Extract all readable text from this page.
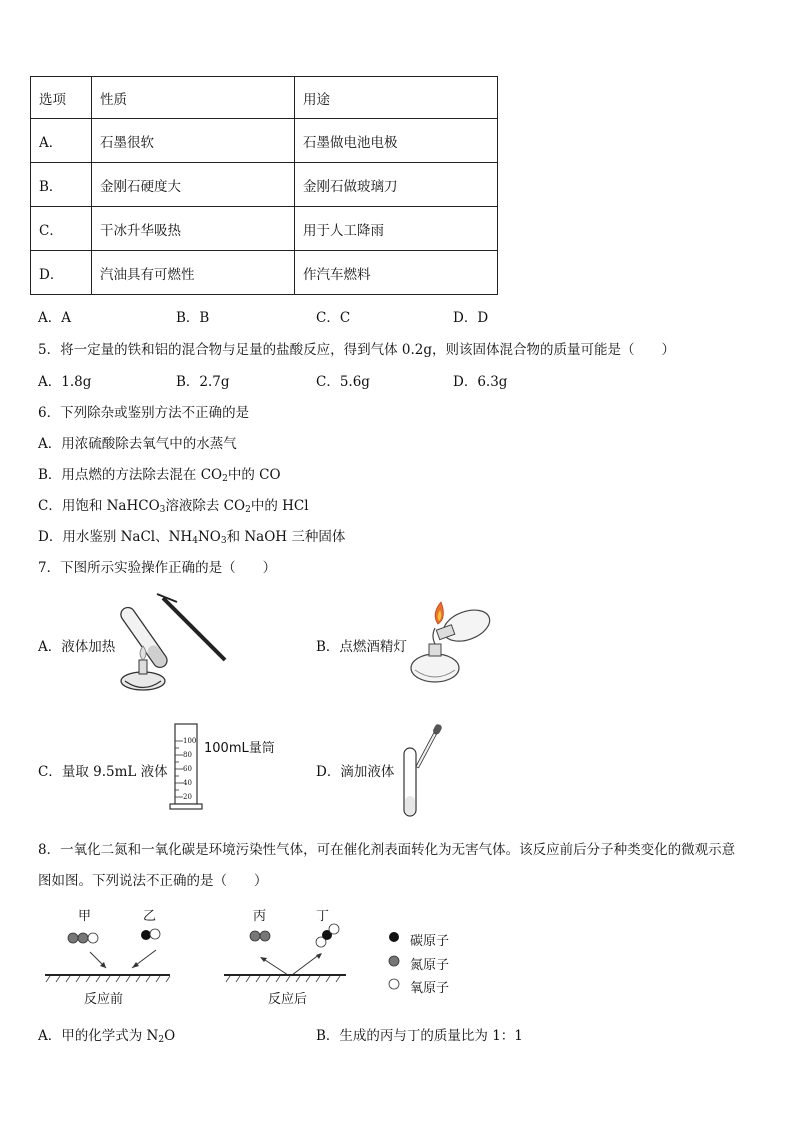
选项	性质	用途
A．	石墨很软	石墨做电池电极
B．	金刚石硬度大	金刚石做玻璃刀
C．	干冰升华吸热	用于人工降雨
D．	汽油具有可燃性	作汽车燃料
A．A	B．B	C．C	D．D
5．将一定量的铁和铝的混合物与足量的盐酸反应，得到气体 0.2g，则该固体混合物的质量可能是（　　）
A．1.8g	B．2.7g	C．5.6g	D．6.3g
6．下列除杂或鉴别方法不正确的是
A．用浓硫酸除去氧气中的水蒸气
B．用点燃的方法除去混在 $CO_2$中的 CO
C．用饱和 NaHCO$_3$溶液除去 $CO_2$中的 HCl
D．用水鉴别 NaCl、$NH_4NO_3$和 NaOH 三种固体
7．下图所示实验操作正确的是（　　）
A．液体加热	B．点燃酒精灯
C．量取 9.5mL 液体
100
80
60
40
20
100mL量筒
D．滴加液体
8．一氧化二氮和一氧化碳是环境污染性气体，可在催化剂表面转化为无害气体。该反应前后分子种类变化的微观示意
图如图。下列说法不正确的是（　　）
甲	乙	丙	丁
反应前	反应后
碳原子
氮原子
氧原子
A．甲的化学式为 $N_2O$	B．生成的丙与丁的质量比为 1：1
